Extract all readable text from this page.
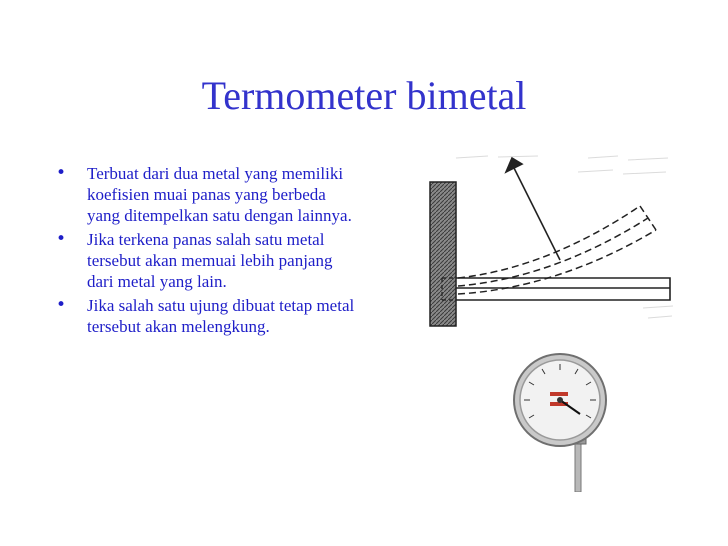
Termometer bimetal
• Terbuat dari dua metal yang memiliki koefisien muai panas yang berbeda yang ditempelkan satu dengan lainnya.
• Jika terkena panas salah satu metal tersebut akan memuai lebih panjang dari metal yang lain.
• Jika salah satu ujung dibuat tetap metal tersebut akan melengkung.
